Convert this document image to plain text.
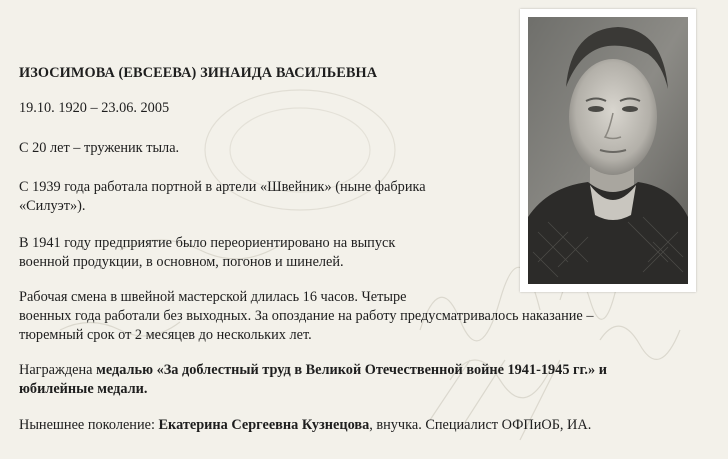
ИЗОСИМОВА (ЕВСЕЕВА) ЗИНАИДА ВАСИЛЬЕВНА
19.10. 1920 – 23.06. 2005
С 20 лет – труженик тыла.
С 1939 года работала портной в артели «Швейник» (ныне фабрика
«Силуэт»).
В 1941 году предприятие было переориентировано на выпуск
военной продукции, в основном, погонов и шинелей.
Рабочая смена в швейной мастерской длилась 16 часов. Четыре
военных года работали без выходных. За опоздание на работу предусматривалось наказание –
тюремный срок от 2 месяцев до нескольких лет.
Награждена медалью «За доблестный труд в Великой Отечественной войне 1941-1945 гг.» и
юбилейные медали.
Нынешнее поколение: Екатерина Сергеевна Кузнецова, внучка. Специалист ОФПиОБ, ИА.
